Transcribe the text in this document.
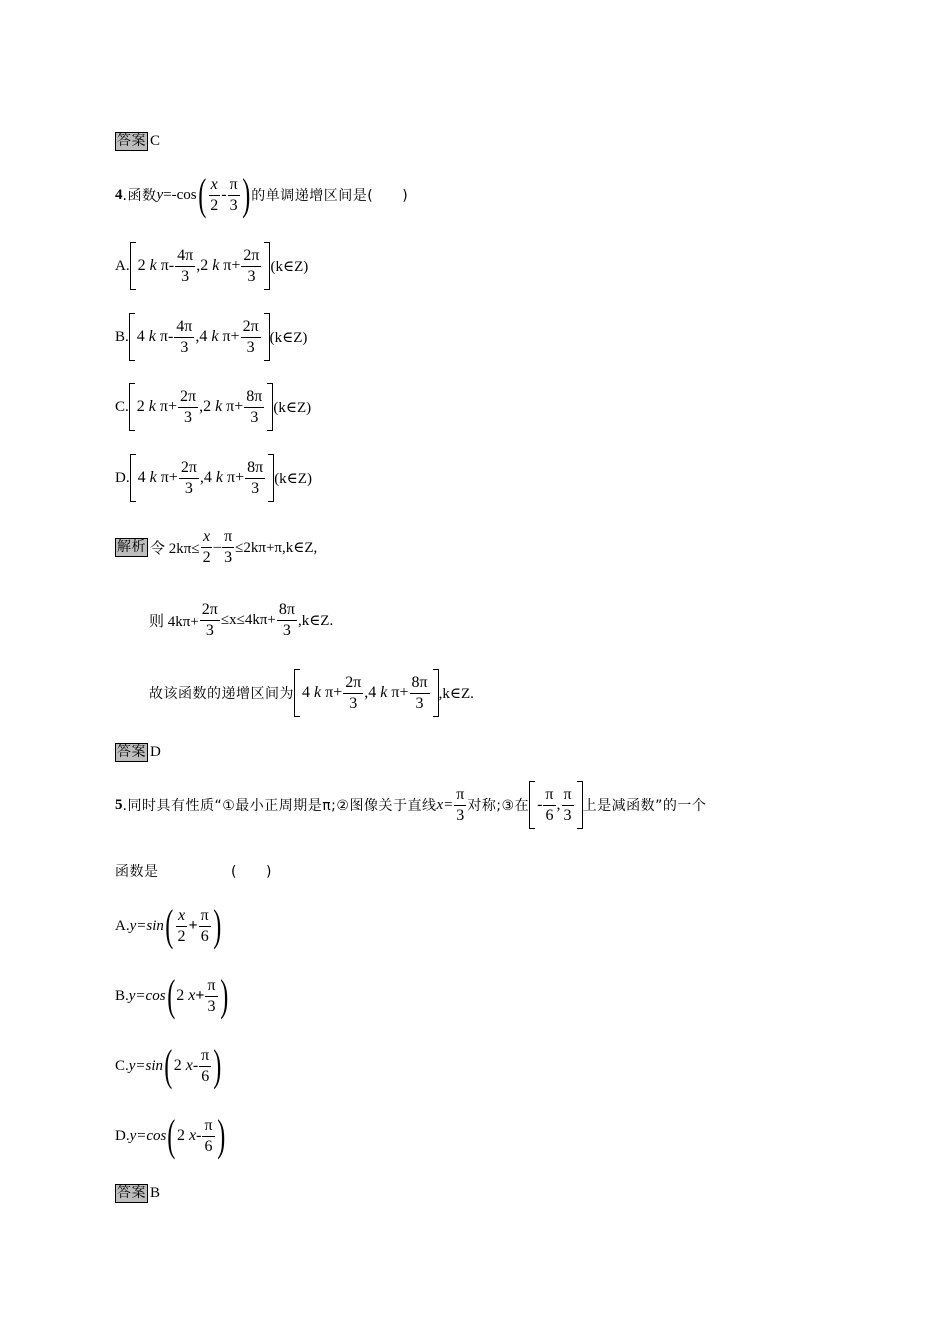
答案 C
4 .函数 y =-cos ( $\frac{x}{2} - \frac{\pi}{3}$ ) 的单调递增区间是(　　)
A. 2 k π - $\frac{4\pi}{3}$ , 2 k $\pi + \frac{2\pi}{3}$ (k∈Z)
B. 4 k π - $\frac{4\pi}{3}$ , 4 k $\pi + \frac{2\pi}{3}$ (k∈Z)
C. 2 k $\pi + \frac{2\pi}{3}$ , 2 k $\pi + \frac{8\pi}{3}$ (k∈Z)
D. 4 k $\pi + \frac{2\pi}{3}$ , 4 k $\pi + \frac{8\pi}{3}$ (k∈Z)
解析 令 $2k\pi\le \frac{x}{2} - \frac{\pi}{3}$ ≤2kπ+π,k∈Z,
则 $4k\pi+ \frac{2\pi}{3} \le x\le 4k\pi+ \frac{8\pi}{3}$ ,k∈Z.
故该函数的递增区间为 4 k $\pi + \frac{2\pi}{3}$ , 4 k $\pi + \frac{8\pi}{3}$ ,k∈Z.
答案 D
5 .同时具有性质“①最小正周期是π;②图像关于直线 $x= \frac{\pi}{3}$ 对称;③在 - $\frac{\pi}{6}$ , $\frac{\pi}{3}$ 上是减函数”的一个
函数是　　　　　(　　)
A. y=sin ( $\frac{x}{2} + \frac{\pi}{6}$ )
B. y=cos ( 2 $x + \frac{\pi}{3}$ )
C. y=sin ( 2 x - $\frac{\pi}{6}$ )
D. y=cos ( 2 x - $\frac{\pi}{6}$ )
答案 B
